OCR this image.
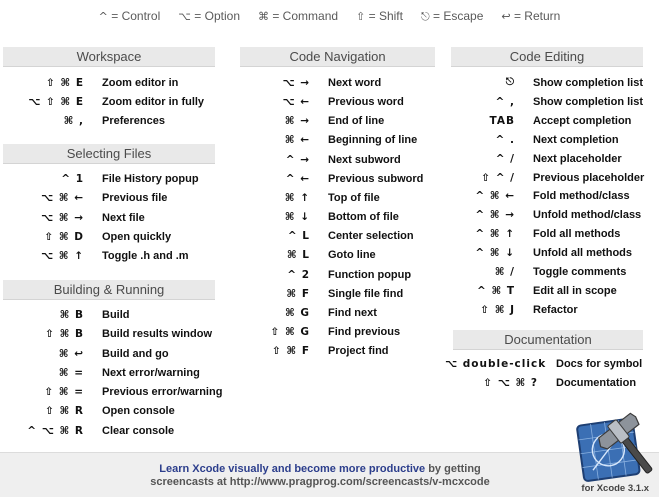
^ = Control ⌥ = Option ⌘ = Command ⇧ = Shift ⎋ = Escape ↩ = Return
Workspace
⇧ ⌘ E	Zoom editor in
⌥ ⇧ ⌘ E	Zoom editor in fully
⌘ ,	Preferences
Selecting Files
^ 1	File History popup
⌥ ⌘ ←	Previous file
⌥ ⌘ →	Next file
⇧ ⌘ D	Open quickly
⌥ ⌘ ↑	Toggle .h and .m
Building & Running
⌘ B	Build
⇧ ⌘ B	Build results window
⌘ ↩	Build and go
⌘ =	Next error/warning
⇧ ⌘ =	Previous error/warning
⇧ ⌘ R	Open console
^ ⌥ ⌘ R	Clear console
Code Navigation
⌥ →	Next word
⌥ ←	Previous word
⌘ →	End of line
⌘ ←	Beginning of line
^ →	Next subword
^ ←	Previous subword
⌘ ↑	Top of file
⌘ ↓	Bottom of file
^ L	Center selection
⌘ L	Goto line
^ 2	Function popup
⌘ F	Single file find
⌘ G	Find next
⇧ ⌘ G	Find previous
⇧ ⌘ F	Project find
Code Editing
⎋	Show completion list
^ ,	Show completion list
TAB	Accept completion
^ .	Next completion
^ /	Next placeholder
⇧ ^ /	Previous placeholder
^ ⌘ ←	Fold method/class
^ ⌘ →	Unfold method/class
^ ⌘ ↑	Fold all methods
^ ⌘ ↓	Unfold all methods
⌘ /	Toggle comments
^ ⌘ T	Edit all in scope
⇧ ⌘ J	Refactor
Documentation
⌥ double-click Docs for symbol
⇧ ⌥ ⌘ ?	Documentation
Learn Xcode visually and become more productive by getting
screencasts at http://www.pragprog.com/screencasts/v-mcxcode
for Xcode 3.1.x
